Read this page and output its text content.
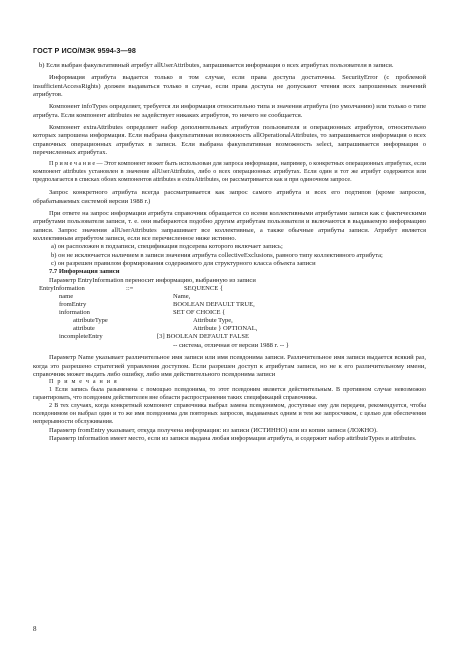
ГОСТ Р ИСО/МЭК 9594-3—98

b) Если выбран факультативный атрибут allUserAttributes, запрашивается информация о всех атрибутах пользователя в записи.

Информация атрибута выдается только в том случае, если права доступа достаточны. SecurityError (с проблемой insufficientAccessRights) должен выдаваться только в случае, если права доступа не допускают чтения всех запрошенных значений атрибутов.

Компонент infoTypes определяет, требуется ли информация относительно типа и значения атрибута (по умолчанию) или только о типе атрибута. Если компонент attributes не задействует никаких атрибутов, то ничего не сообщается.

Компонент extraAttributes определяет набор дополнительных атрибутов пользователя и операционных атрибутов, относительно которых запрошена информация. Если выбрана факультативная возможность allOperationalAttributes, то запрашивается информация о всех справочных операционных атрибутах в записи. Если выбрана факультативная возможность select, запрашивается информация о перечисленных атрибутах.

П р и м е ч а н и е — Этот компонент может быть использован для запроса информации, например, о конкретных операционных атрибутах, если компонент attributes установлен в значение allUserAttributes, либо о всех операционных атрибутах. Если один и тот же атрибут содержится или предполагается в списках обоих компонентов attributes и extraAttributes, он рассматривается как и при одиночном запросе.

Запрос конкретного атрибута всегда рассматривается как запрос самого атрибута и всех его подтипов (кроме запросов, обрабатываемых системой версии 1988 г.)

При ответе на запрос информации атрибута справочник обращается со всеми коллективными атрибутами записи как с фактическими атрибутами пользователя записи, т. е. они выбираются подобно другим атрибутам пользователя и включаются в выдаваемую информацию записи. Запрос значения allUserAttributes запрашивает все коллективные, а также обычные атрибуты записи. Атрибут является коллективным атрибутом записи, если все перечисленное ниже истинно.

a) он расположен в подзаписи, спецификация подсерева которого включает запись;

b) он не исключается наличием в записи значения атрибута collectiveExclusions, равного типу коллективного атрибута;

c) он разрешен правилом формирования содержимого для структурного класса объекта записи

7.7 Информация записи

Параметр EntryInformation переносит информацию, выбранную из записи

EntryInformation	::=	SEQUENCE {
name	Name,
fromEntry	BOOLEAN DEFAULT TRUE,
information	SET OF CHOICE {
attributeType	Attribute Type,
attribute	Attribute } OPTIONAL,
incompleteEntry	[3] BOOLEAN DEFAULT FALSE

-- система, отличная от версии 1988 г. -- }

Параметр Name указывает различительное имя записи или имя псевдонима записи. Различительное имя записи выдается всякий раз, когда это разрешено стратегией управления доступом. Если разрешен доступ к атрибутам записи, но не к его различительному имени, справочник может выдать либо ошибку, либо имя действительного псевдонима записи

П р и м е ч а н и я

1 Если запись была разыменена с помощью псевдонима, то этот псевдоним является действительным. В противном случае невозможно гарантировать, что псевдоним действителен вне области распространения таких спецификаций справочника.

2 В тех случаях, когда конкретный компонент справочника выбрал замена псевдонимом, доступные ему для передачи, рекомендуется, чтобы псевдонимом он выбрал один и то же имя псевдонима для повторных запросов, выдаваемых одним и тем же запросчиком, с целью для обеспечения непрерывности обслуживания.

Параметр fromEntry указывает, откуда получена информация: из записи (ИСТИННО) или из копии записи (ЛОЖНО).

Параметр information имеет место, если из записи выдана любая информация атрибута, и содержит набор attributeTypes и attributes.

8
